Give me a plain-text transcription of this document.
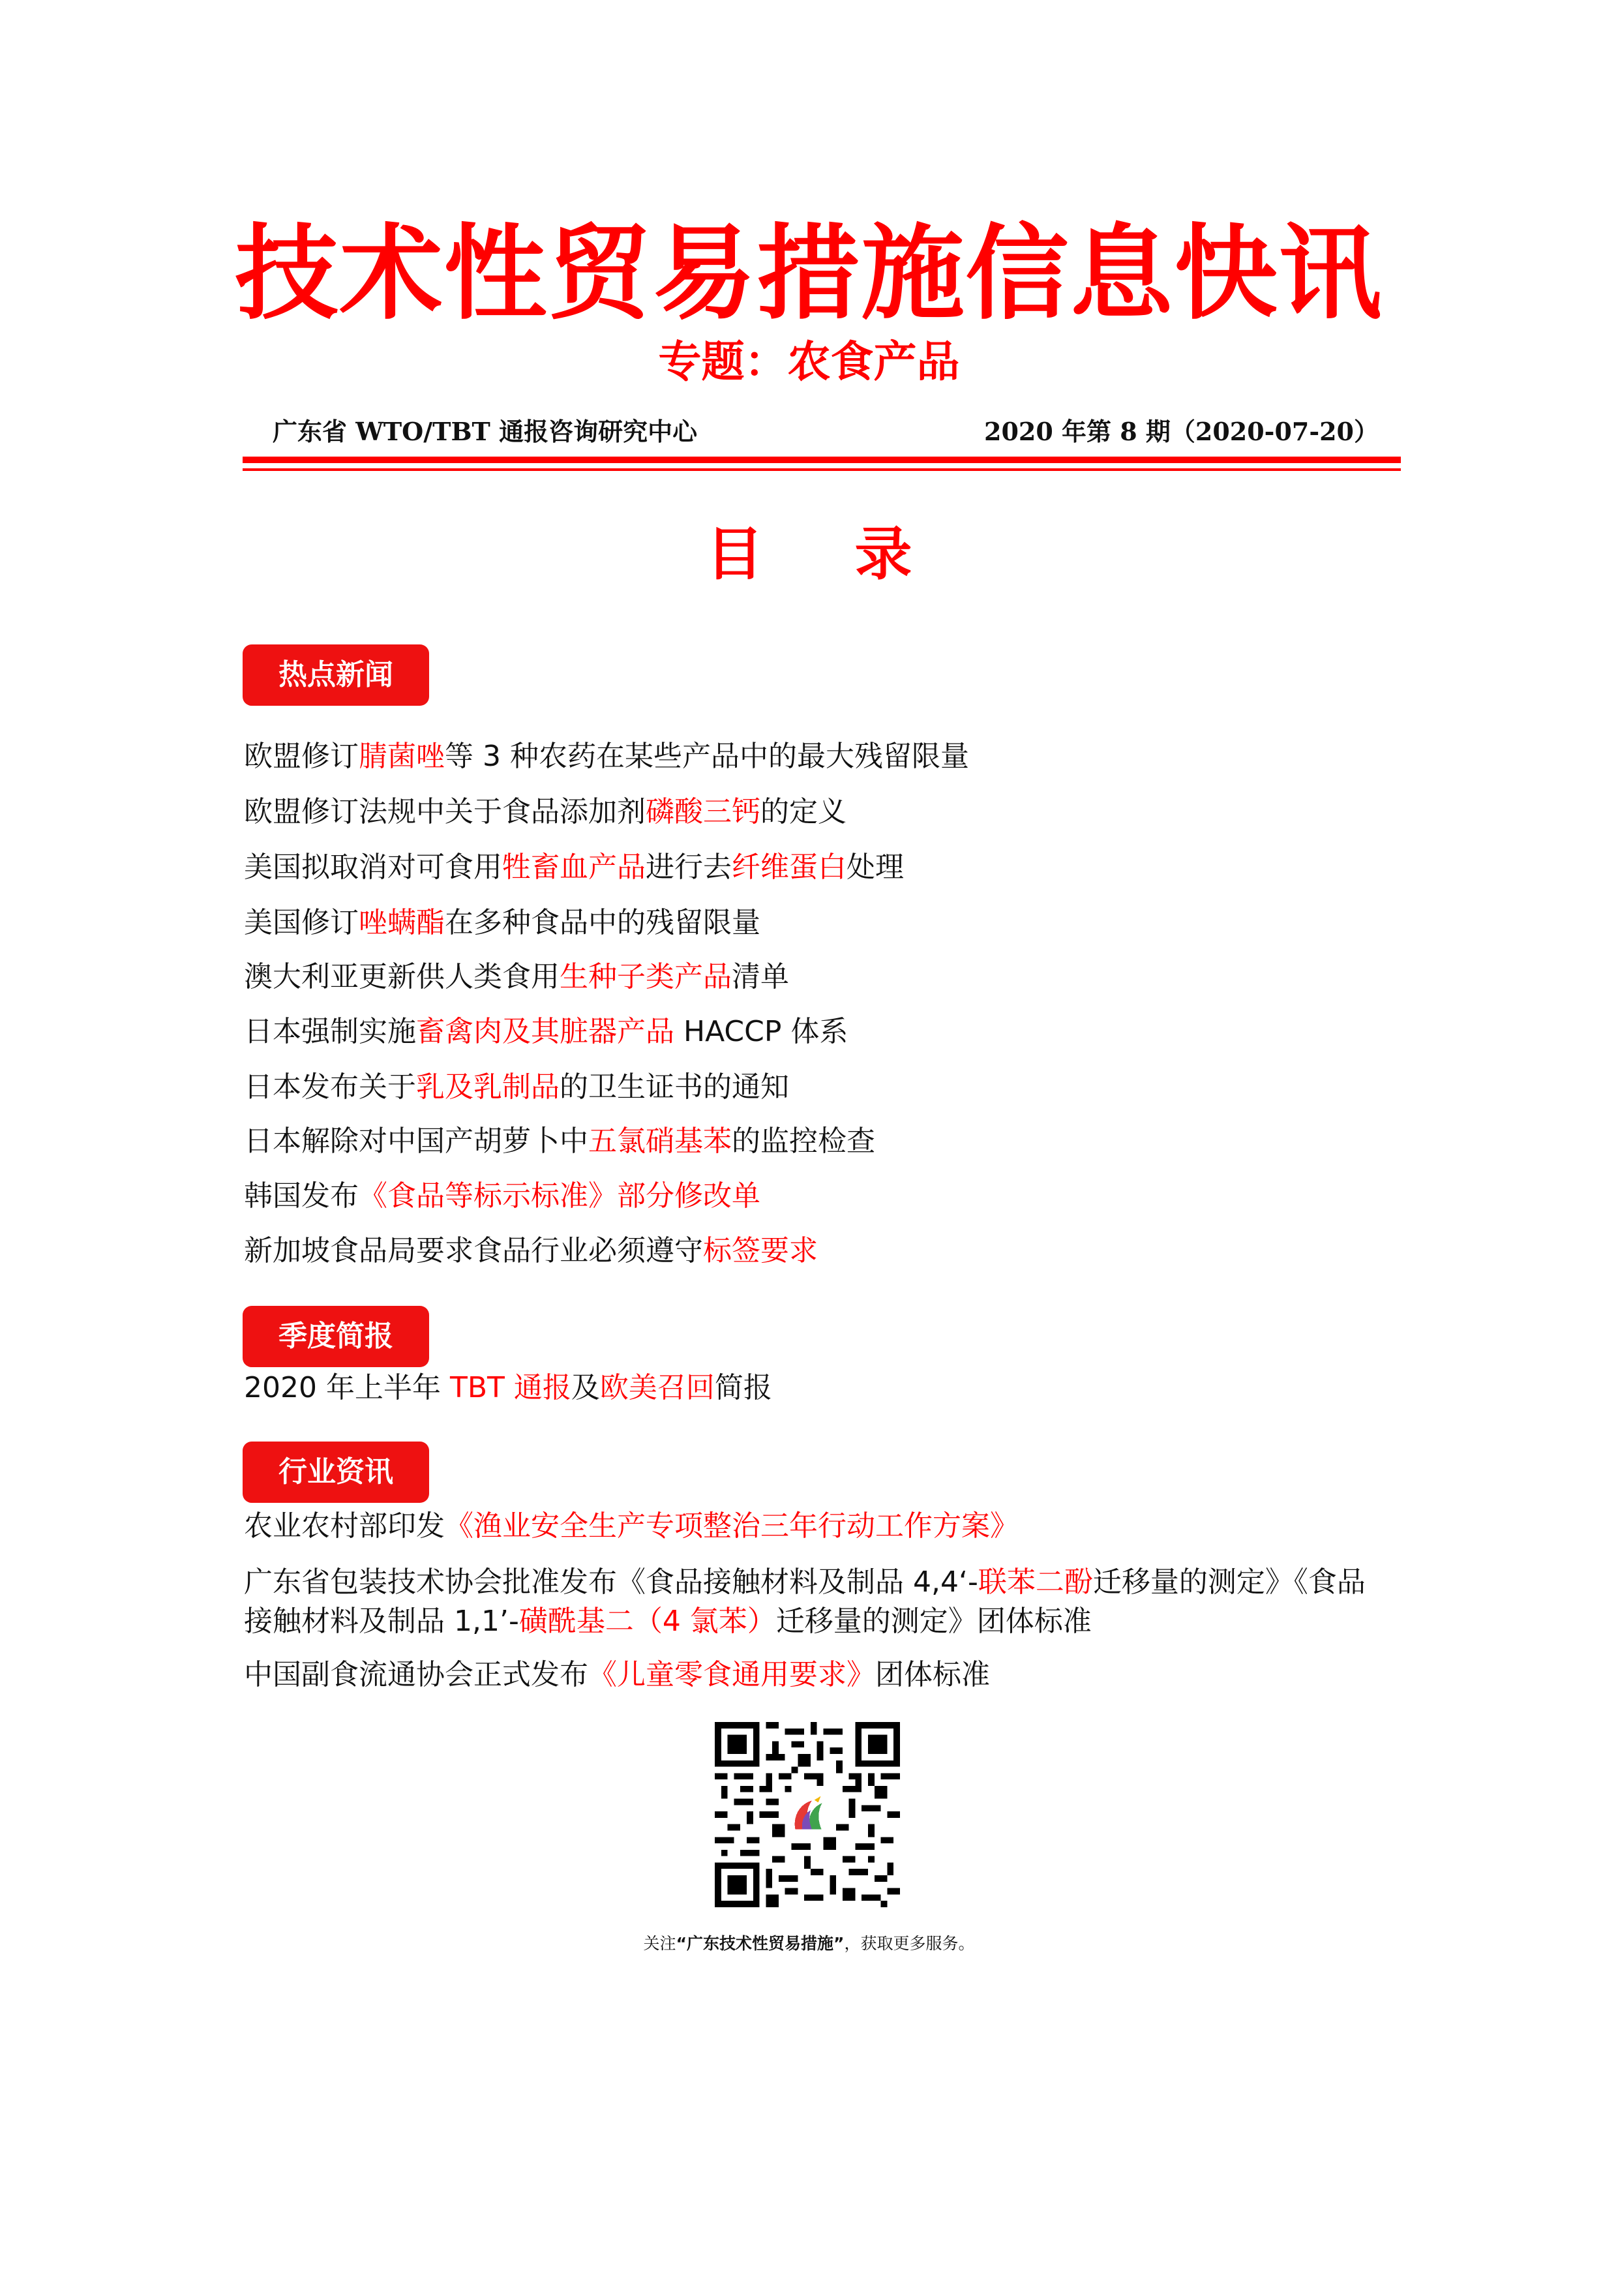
技术性贸易措施信息快讯
专题：农食产品
广东省 WTO/TBT 通报咨询研究中心	2020 年第 8 期（2020-07-20）
目录
热点新闻
欧盟修订腈菌唑等 3 种农药在某些产品中的最大残留限量
欧盟修订法规中关于食品添加剂磷酸三钙的定义
美国拟取消对可食用牲畜血产品进行去纤维蛋白处理
美国修订唑螨酯在多种食品中的残留限量
澳大利亚更新供人类食用生种子类产品清单
日本强制实施畜禽肉及其脏器产品 HACCP 体系
日本发布关于乳及乳制品的卫生证书的通知
日本解除对中国产胡萝卜中五氯硝基苯的监控检查
韩国发布《食品等标示标准》部分修改单
新加坡食品局要求食品行业必须遵守标签要求
季度简报
2020 年上半年 TBT 通报及欧美召回简报
行业资讯
农业农村部印发《渔业安全生产专项整治三年行动工作方案》
广东省包装技术协会批准发布《食品接触材料及制品 4,4‘-联苯二酚迁移量的测定》《食品接触材料及制品 1,1’-磺酰基二（4 氯苯）迁移量的测定》团体标准
中国副食流通协会正式发布《儿童零食通用要求》团体标准
关注“广东技术性贸易措施”，获取更多服务。
